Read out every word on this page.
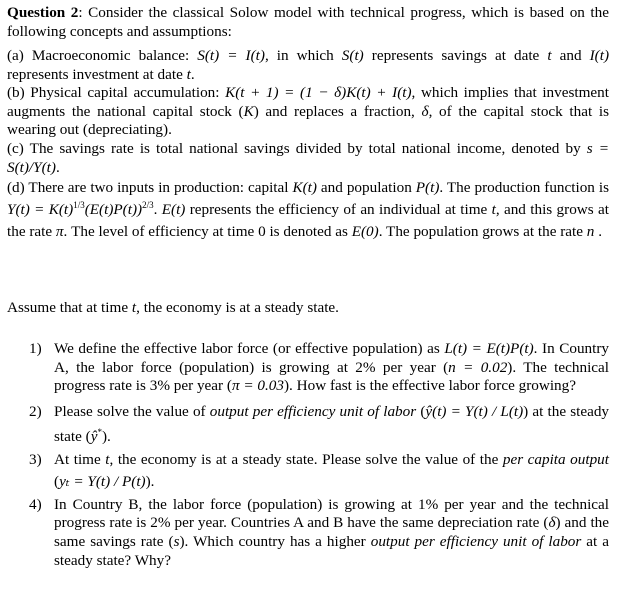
Question 2: Consider the classical Solow model with technical progress, which is based on the following concepts and assumptions:
(a) Macroeconomic balance: S(t) = I(t), in which S(t) represents savings at date t and I(t) represents investment at date t.
(b) Physical capital accumulation: K(t + 1) = (1 − δ)K(t) + I(t), which implies that investment augments the national capital stock (K) and replaces a fraction, δ, of the capital stock that is wearing out (depreciating).
(c) The savings rate is total national savings divided by total national income, denoted by s = S(t)/Y(t).
(d) There are two inputs in production: capital K(t) and population P(t). The production function is $Y(t) = K(t)^{1/3}(E(t)P(t))^{2/3}$. E(t) represents the efficiency of an individual at time t, and this grows at the rate π. The level of efficiency at time 0 is denoted as E(0). The population grows at the rate n .
Assume that at time t, the economy is at a steady state.
1) We define the effective labor force (or effective population) as L(t) = E(t)P(t). In Country A, the labor force (population) is growing at 2% per year (n = 0.02). The technical progress rate is 3% per year (π = 0.03). How fast is the effective labor force growing?
2) Please solve the value of output per efficiency unit of labor (ŷ(t) = Y(t) / L(t)) at the steady state (ŷ*).
3) At time t, the economy is at a steady state. Please solve the value of the per capita output (yₜ = Y(t) / P(t)).
4) In Country B, the labor force (population) is growing at 1% per year and the technical progress rate is 2% per year. Countries A and B have the same depreciation rate (δ) and the same savings rate (s). Which country has a higher output per efficiency unit of labor at a steady state? Why?
